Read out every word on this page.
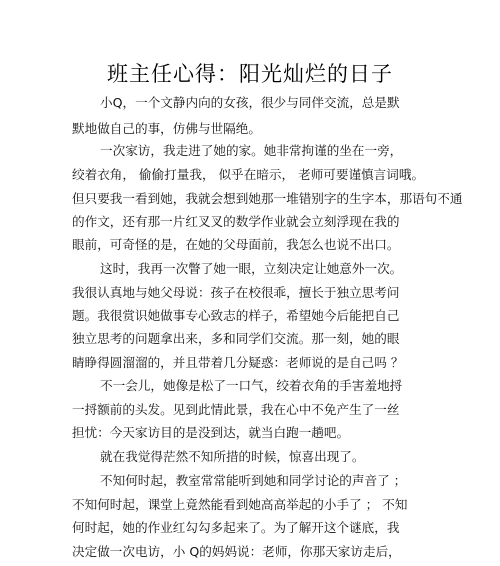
班主任心得：阳光灿烂的日子
小Q，一个文静内向的女孩，很少与同伴交流，总是默
默地做自己的事，仿佛与世隔绝。
一次家访，我走进了她的家。她非常拘谨的坐在一旁，
绞着衣角， 偷偷打量我， 似乎在暗示， 老师可要谨慎言词哦。
但只要我一看到她，我就会想到她那一堆错别字的生字本，那语句不通
的作文，还有那一片红叉叉的数学作业就会立刻浮现在我的
眼前，可奇怪的是，在她的父母面前，我怎么也说不出口。
这时，我再一次瞥了她一眼，立刻决定让她意外一次。
我很认真地与她父母说：孩子在校很乖，擅长于独立思考问
题。我很赏识她做事专心致志的样子，希望她今后能把自己
独立思考的问题拿出来，多和同学们交流。那一刻，她的眼
睛睁得圆溜溜的，并且带着几分疑惑：老师说的是自己吗 ？
不一会儿，她像是松了一口气，绞着衣角的手害羞地捋
一捋额前的头发。见到此情此景，我在心中不免产生了一丝
担忧：今天家访目的是没到达，就当白跑一趟吧。
就在我觉得茫然不知所措的时候，惊喜出现了。
不知何时起，教室常常能听到她和同学讨论的声音了 ；
不知何时起，课堂上竟然能看到她高高举起的小手了 ； 不知
何时起，她的作业红勾勾多起来了。为了解开这个谜底，我
决定做一次电访，小 Q的妈妈说：老师，你那天家访走后，
